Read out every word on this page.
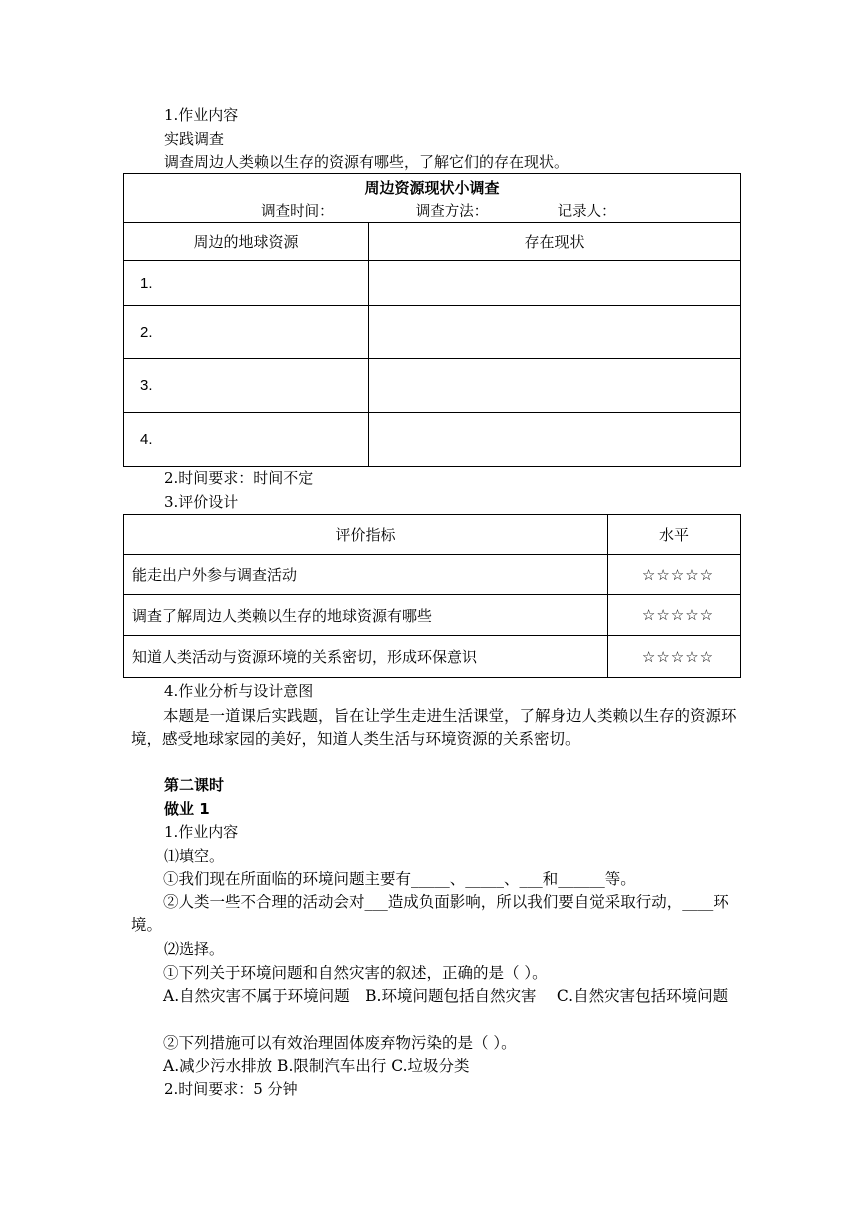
1.作业内容
实践调查
调查周边人类赖以生存的资源有哪些，了解它们的存在现状。
周边资源现状小调查
调查时间： 调查方法： 记录人：	

周边的地球资源	存在现状
1.	
2.	
3.	
4.	
2.时间要求：时间不定
3.评价设计
评价指标	水平
能走出户外参与调查活动	☆☆☆☆☆
调查了解周边人类赖以生存的地球资源有哪些	☆☆☆☆☆
知道人类活动与资源环境的关系密切，形成环保意识	☆☆☆☆☆
4.作业分析与设计意图
本题是一道课后实践题，旨在让学生走进生活课堂，了解身边人类赖以生存的资源环境，感受地球家园的美好，知道人类生活与环境资源的关系密切。
第二课时
做业 1
1.作业内容
⑴填空。
①我们现在所面临的环境问题主要有_____、_____、___和______等。
②人类一些不合理的活动会对___造成负面影响，所以我们要自觉采取行动，____环境。
⑵选择。
①下列关于环境问题和自然灾害的叙述，正确的是（ ）。
A.自然灾害不属于环境问题　B.环境问题包括自然灾害　 C.自然灾害包括环境问题
②下列措施可以有效治理固体废弃物污染的是（ ）。
A.减少污水排放 B.限制汽车出行 C.垃圾分类
2.时间要求：5 分钟
